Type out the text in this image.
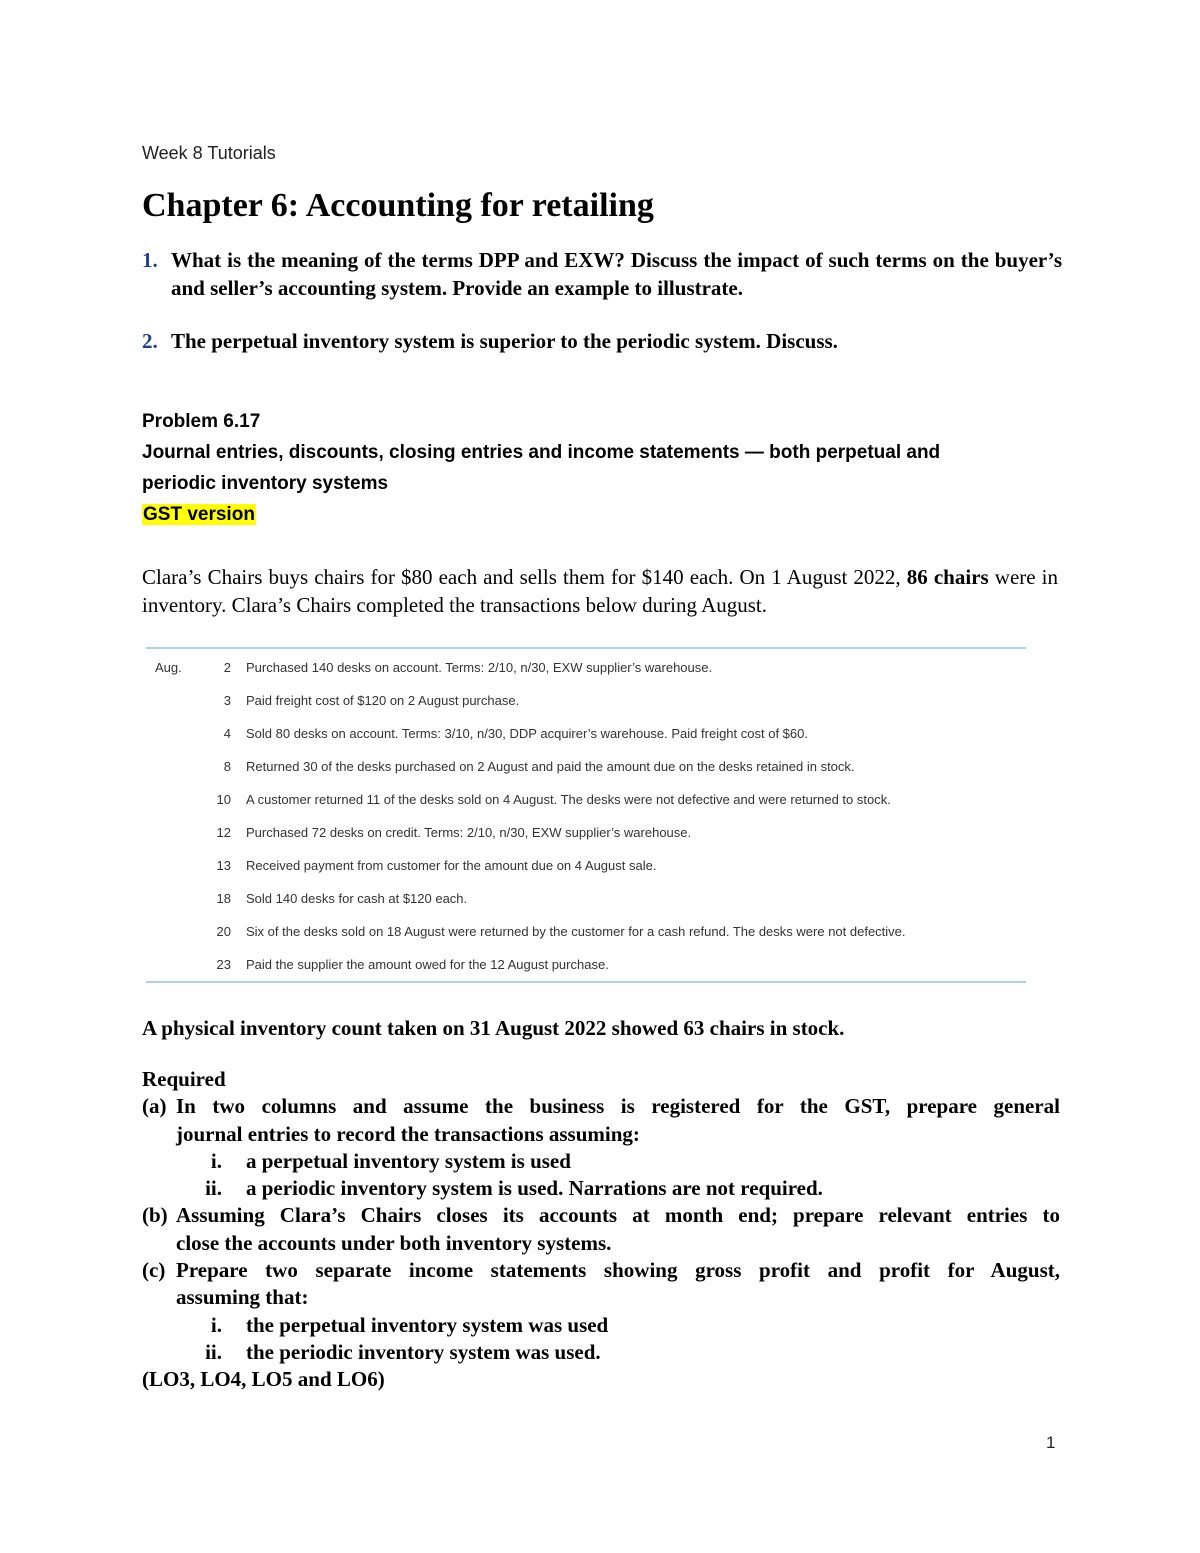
Week 8 Tutorials
Chapter 6: Accounting for retailing
1. What is the meaning of the terms DPP and EXW? Discuss the impact of such terms on the buyer’s and seller’s accounting system. Provide an example to illustrate.
2. The perpetual inventory system is superior to the periodic system. Discuss.
Problem 6.17
Journal entries, discounts, closing entries and income statements — both perpetual and
periodic inventory systems
GST version
Clara’s Chairs buys chairs for $80 each and sells them for $140 each. On 1 August 2022, 86 chairs were in inventory. Clara’s Chairs completed the transactions below during August.
Aug.	2 Purchased 140 desks on account. Terms: 2/10, n/30, EXW supplier’s warehouse.
3 Paid freight cost of $120 on 2 August purchase.
4 Sold 80 desks on account. Terms: 3/10, n/30, DDP acquirer’s warehouse. Paid freight cost of $60.
8 Returned 30 of the desks purchased on 2 August and paid the amount due on the desks retained in stock.
10 A customer returned 11 of the desks sold on 4 August. The desks were not defective and were returned to stock.
12 Purchased 72 desks on credit. Terms: 2/10, n/30, EXW supplier’s warehouse.
13 Received payment from customer for the amount due on 4 August sale.
18 Sold 140 desks for cash at $120 each.
20 Six of the desks sold on 18 August were returned by the customer for a cash refund. The desks were not defective.
23 Paid the supplier the amount owed for the 12 August purchase.
A physical inventory count taken on 31 August 2022 showed 63 chairs in stock.
Required
(a) In two columns and assume the business is registered for the GST, prepare general
journal entries to record the transactions assuming:
i. a perpetual inventory system is used
ii. a periodic inventory system is used. Narrations are not required.
(b) Assuming Clara’s Chairs closes its accounts at month end; prepare relevant entries to
close the accounts under both inventory systems.
(c) Prepare two separate income statements showing gross profit and profit for August,
assuming that:
i. the perpetual inventory system was used
ii. the periodic inventory system was used.
(LO3, LO4, LO5 and LO6)
1
